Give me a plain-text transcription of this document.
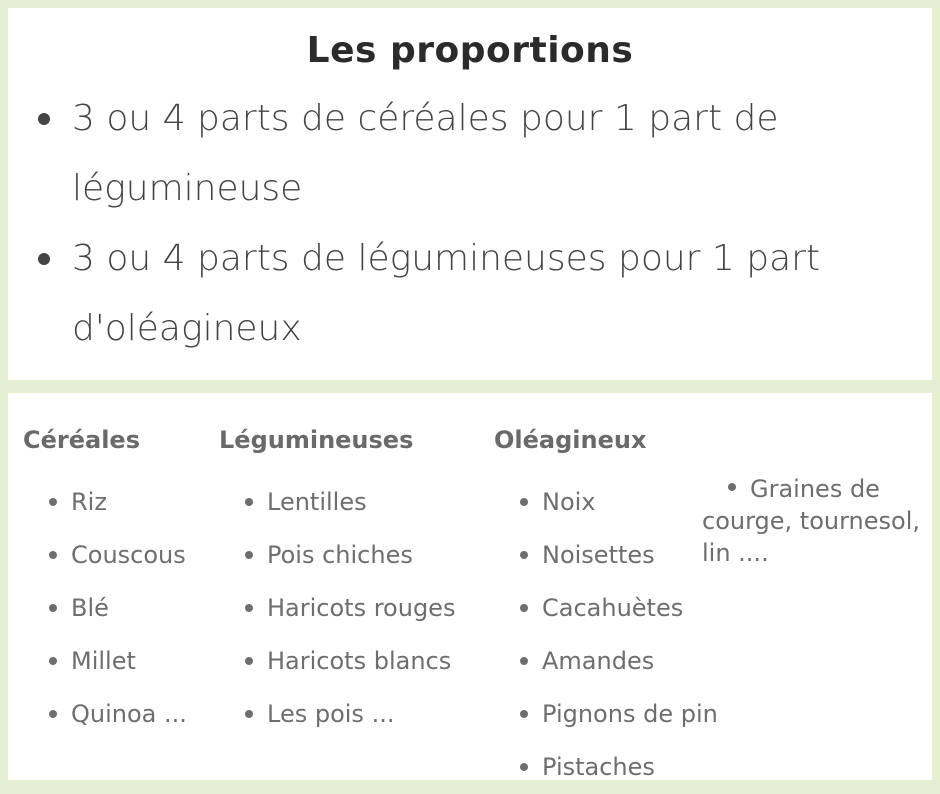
Les proportions
3 ou 4 parts de céréales pour 1 part de légumineuse
3 ou 4 parts de légumineuses pour 1 part d'oléagineux
Céréales
Riz
Couscous
Blé
Millet
Quinoa ...
Légumineuses
Lentilles
Pois chiches
Haricots rouges
Haricots blancs
Les pois ...
Oléagineux
Noix
Noisettes
Cacahuètes
Amandes
Pignons de pin
Pistaches
Graines de courge, tournesol, lin ....
